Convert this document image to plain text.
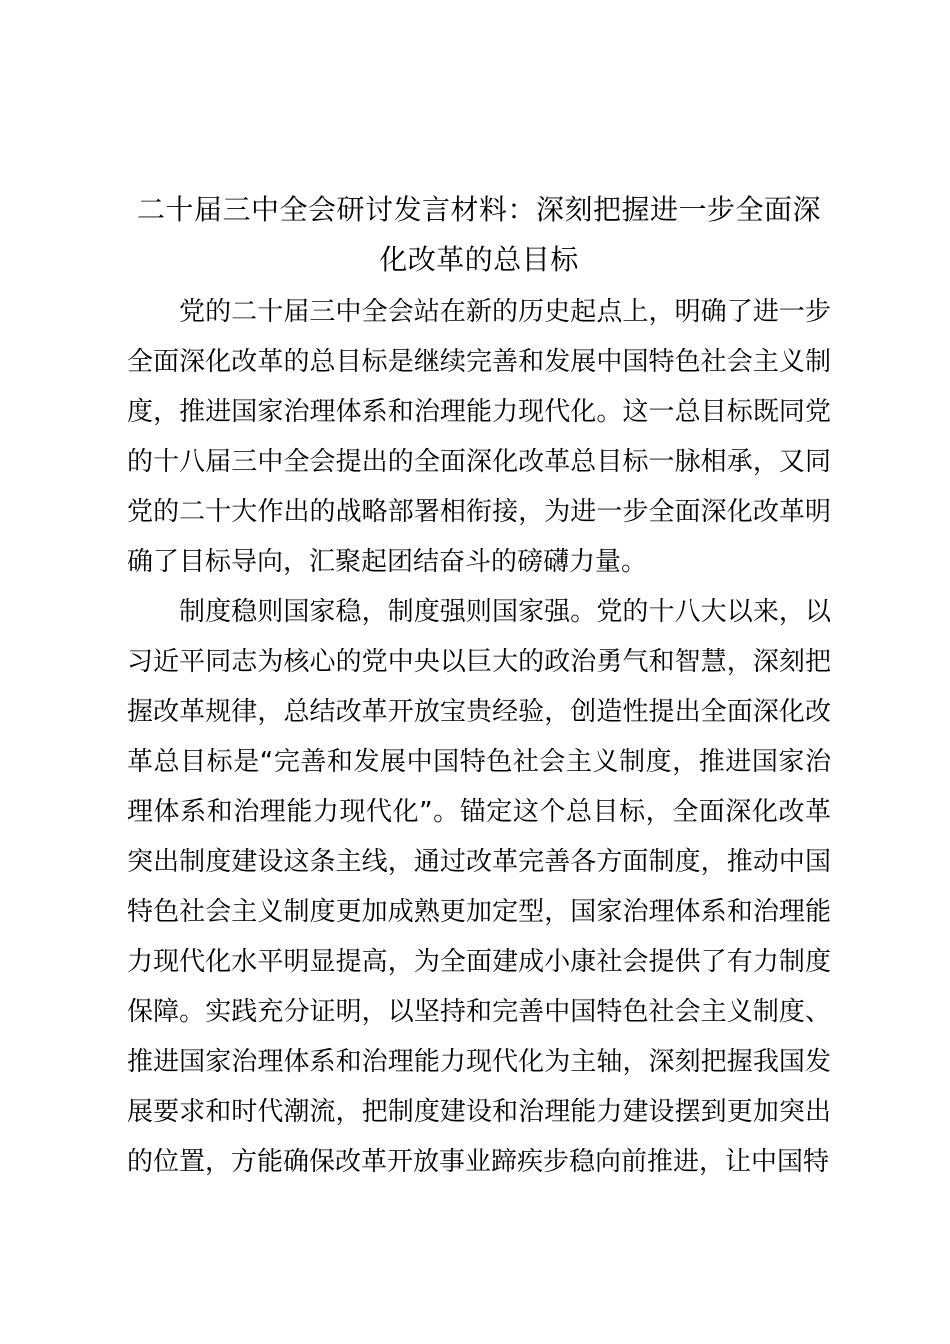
二十届三中全会研讨发言材料：深刻把握进一步全面深
化改革的总目标

党的二十届三中全会站在新的历史起点上，明确了进一步全面深化改革的总目标是继续完善和发展中国特色社会主义制度，推进国家治理体系和治理能力现代化。这一总目标既同党的十八届三中全会提出的全面深化改革总目标一脉相承，又同党的二十大作出的战略部署相衔接，为进一步全面深化改革明确了目标导向，汇聚起团结奋斗的磅礴力量。

制度稳则国家稳，制度强则国家强。党的十八大以来，以习近平同志为核心的党中央以巨大的政治勇气和智慧，深刻把握改革规律，总结改革开放宝贵经验，创造性提出全面深化改革总目标是“完善和发展中国特色社会主义制度，推进国家治理体系和治理能力现代化”。锚定这个总目标，全面深化改革突出制度建设这条主线，通过改革完善各方面制度，推动中国特色社会主义制度更加成熟更加定型，国家治理体系和治理能力现代化水平明显提高，为全面建成小康社会提供了有力制度保障。实践充分证明，以坚持和完善中国特色社会主义制度、推进国家治理体系和治理能力现代化为主轴，深刻把握我国发展要求和时代潮流，把制度建设和治理能力建设摆到更加突出的位置，方能确保改革开放事业蹄疾步稳向前推进，让中国特
